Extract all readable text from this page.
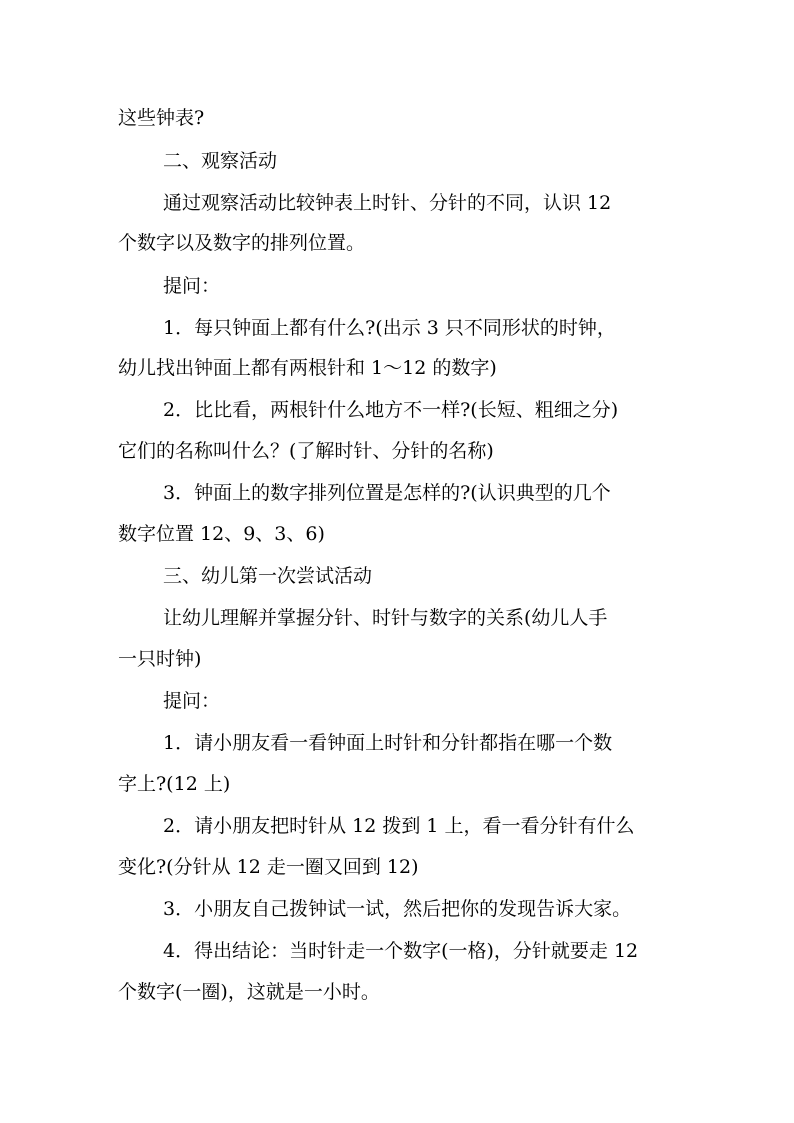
这些钟表?

二、观察活动

通过观察活动比较钟表上时针、分针的不同，认识 12

个数字以及数字的排列位置。

提问：

1．每只钟面上都有什么?(出示 3 只不同形状的时钟，

幼儿找出钟面上都有两根针和 1～12 的数字)

2．比比看，两根针什么地方不一样?(长短、粗细之分)

它们的名称叫什么？(了解时针、分针的名称)

3．钟面上的数字排列位置是怎样的?(认识典型的几个

数字位置 12、9、3、6)

三、幼儿第一次尝试活动

让幼儿理解并掌握分针、时针与数字的关系(幼儿人手

一只时钟)

提问：

1．请小朋友看一看钟面上时针和分针都指在哪一个数

字上?(12 上)

2．请小朋友把时针从 12 拨到 1 上，看一看分针有什么

变化?(分针从 12 走一圈又回到 12)

3．小朋友自己拨钟试一试，然后把你的发现告诉大家。

4．得出结论：当时针走一个数字(一格)，分针就要走 12

个数字(一圈)，这就是一小时。
